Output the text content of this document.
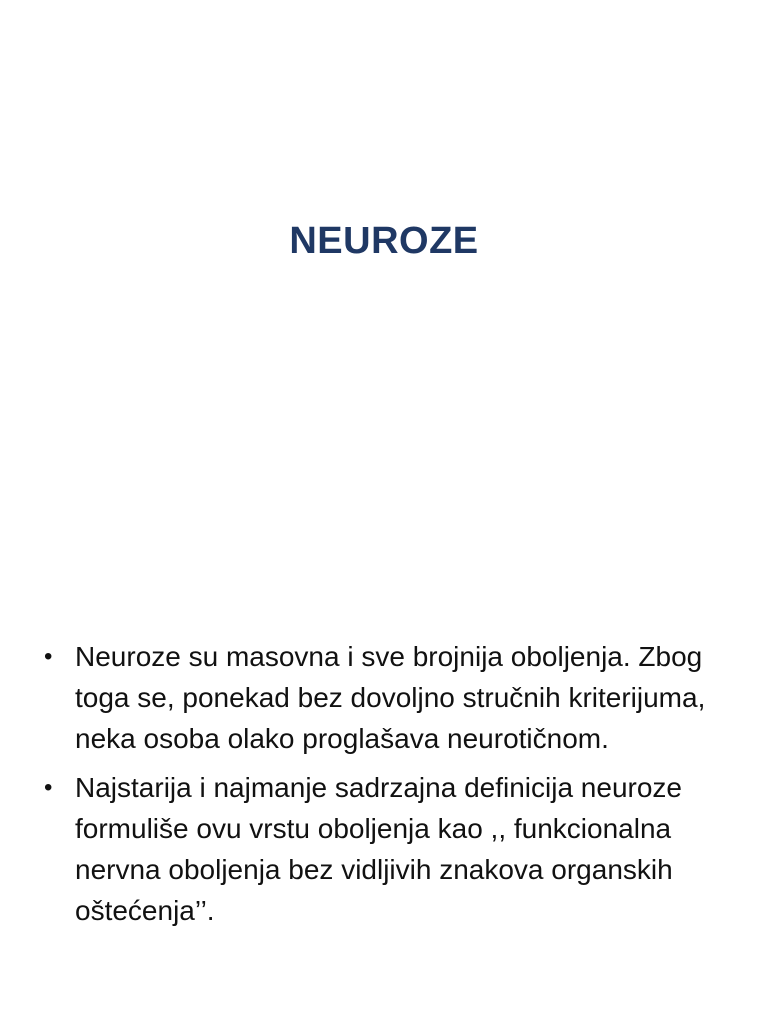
NEUROZE
• Neuroze su masovna i sve brojnija oboljenja. Zbog toga se, ponekad bez dovoljno stručnih kriterijuma, neka osoba olako proglašava neurotičnom.
• Najstarija i najmanje sadrzajna definicija neuroze formuliše ovu vrstu oboljenja kao ,, funkcionalna nervna oboljenja bez vidljivih znakova organskih oštećenja’’.
